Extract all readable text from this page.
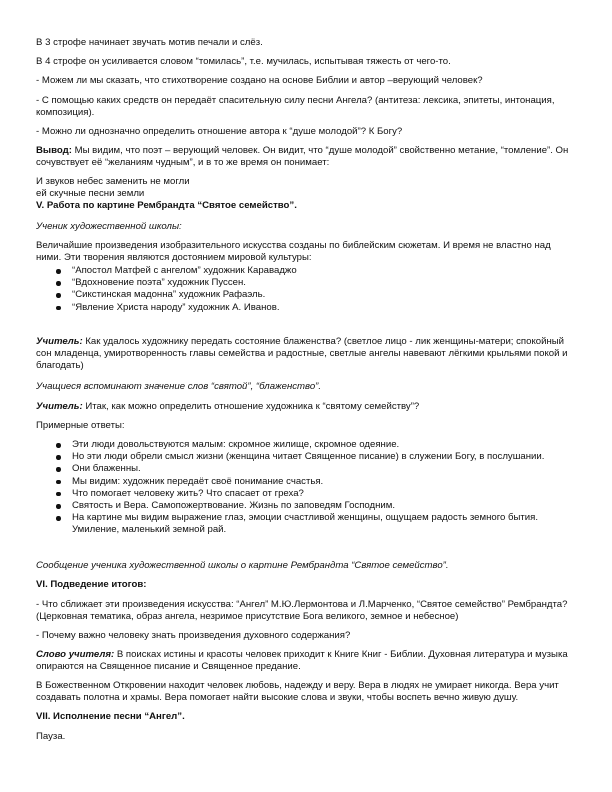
В 3 строфе начинает звучать мотив печали и слёз.

В 4 строфе он усиливается словом “томилась”, т.е. мучилась, испытывая тяжесть от чего-то.

- Можем ли мы сказать, что стихотворение создано на основе Библии и автор –верующий человек?

- С помощью каких средств он передаёт спасительную силу песни Ангела? (антитеза: лексика, эпитеты, интонация, композиция).

- Можно ли однозначно определить отношение автора к “душе молодой”? К Богу?

Вывод: Мы видим, что поэт – верующий человек. Он видит, что “душе молодой” свойственно метание, “томление”. Он сочувствует её “желаниям чудным”, и в то же время он понимает:

И звуков небес заменить не могли

ей скучные песни земли

V. Работа по картине Рембрандта “Святое семейство”.

Ученик художественной школы:

Величайшие произведения изобразительного искусства созданы по библейским сюжетам. И время не властно над ними. Эти творения являются достоянием мировой культуры:

“Апостол Матфей с ангелом” художник Караваджо
“Вдохновение поэта” художник Пуссен.
“Сикстинская мадонна” художник Рафаэль.
“Явление Христа народу” художник А. Иванов.

Учитель: Как удалось художнику передать состояние блаженства? (светлое лицо - лик женщины-матери; спокойный сон младенца, умиротворенность главы семейства и радостные, светлые ангелы навевают лёгкими крыльями покой и благодать)

Учащиеся вспоминают значение слов “святой”, “блаженство”.

Учитель: Итак, как можно определить отношение художника к “святому семейству”?

Примерные ответы:

Эти люди довольствуются малым: скромное жилище, скромное одеяние.
Но эти люди обрели смысл жизни (женщина читает Священное писание) в служении Богу, в послушании.
Они блаженны.
Мы видим: художник передаёт своё понимание счастья.
Что помогает человеку жить? Что спасает от греха?
Святость и Вера. Самопожертвование. Жизнь по заповедям Господним.
На картине мы видим выражение глаз, эмоции счастливой женщины, ощущаем радость земного бытия. Умиление, маленький земной рай.

Сообщение ученика художественной школы о картине Рембрандта “Святое семейство”.

VI. Подведение итогов:

- Что сближает эти произведения искусства: “Ангел” М.Ю.Лермонтова и Л.Марченко, “Святое семейство” Рембрандта? (Церковная тематика, образ ангела, незримое присутствие Бога великого, земное и небесное)

- Почему важно человеку знать произведения духовного содержания?

Слово учителя: В поисках истины и красоты человек приходит к Книге Книг - Библии. Духовная литература и музыка опираются на Священное писание и Священное предание.

В Божественном Откровении находит человек любовь, надежду и веру. Вера в людях не умирает никогда. Вера учит создавать полотна и храмы. Вера помогает найти высокие слова и звуки, чтобы воспеть вечно живую душу.

VII. Исполнение песни “Ангел”.

Пауза.
